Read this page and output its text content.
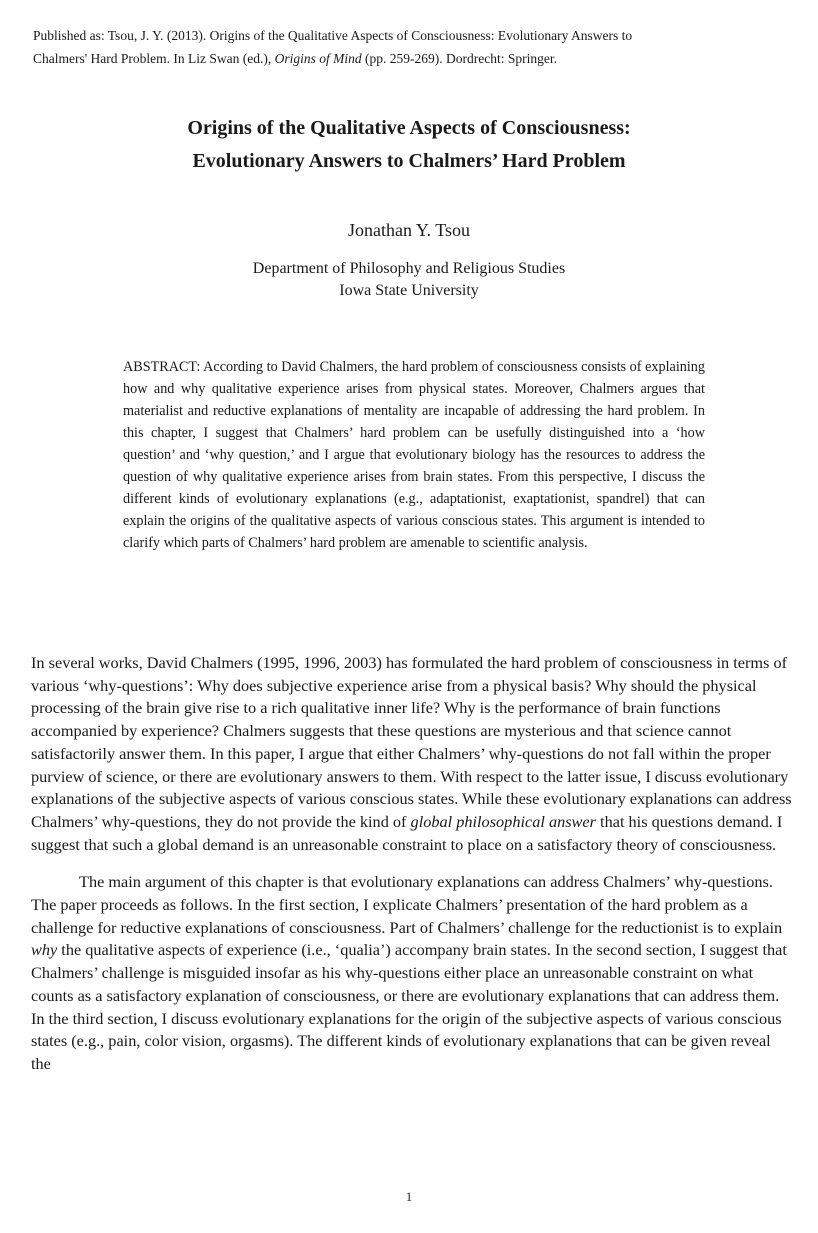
Published as: Tsou, J. Y. (2013). Origins of the Qualitative Aspects of Consciousness: Evolutionary Answers to
Chalmers' Hard Problem. In Liz Swan (ed.), Origins of Mind (pp. 259-269). Dordrecht: Springer.

Origins of the Qualitative Aspects of Consciousness:
Evolutionary Answers to Chalmers’ Hard Problem
Jonathan Y. Tsou
Department of Philosophy and Religious Studies
Iowa State University

ABSTRACT: According to David Chalmers, the hard problem of consciousness consists of explaining how and why qualitative experience arises from physical states. Moreover, Chalmers argues that materialist and reductive explanations of mentality are incapable of addressing the hard problem. In this chapter, I suggest that Chalmers’ hard problem can be usefully distinguished into a ‘how question’ and ‘why question,’ and I argue that evolutionary biology has the resources to address the question of why qualitative experience arises from brain states. From this perspective, I discuss the different kinds of evolutionary explanations (e.g., adaptationist, exaptationist, spandrel) that can explain the origins of the qualitative aspects of various conscious states. This argument is intended to clarify which parts of Chalmers’ hard problem are amenable to scientific analysis.

In several works, David Chalmers (1995, 1996, 2003) has formulated the hard problem of consciousness in terms of various ‘why-questions’: Why does subjective experience arise from a physical basis? Why should the physical processing of the brain give rise to a rich qualitative inner life? Why is the performance of brain functions accompanied by experience? Chalmers suggests that these questions are mysterious and that science cannot satisfactorily answer them. In this paper, I argue that either Chalmers’ why-questions do not fall within the proper purview of science, or there are evolutionary answers to them. With respect to the latter issue, I discuss evolutionary explanations of the subjective aspects of various conscious states. While these evolutionary explanations can address Chalmers’ why-questions, they do not provide the kind of global philosophical answer that his questions demand. I suggest that such a global demand is an unreasonable constraint to place on a satisfactory theory of consciousness.

The main argument of this chapter is that evolutionary explanations can address Chalmers’ why-questions. The paper proceeds as follows. In the first section, I explicate Chalmers’ presentation of the hard problem as a challenge for reductive explanations of consciousness. Part of Chalmers’ challenge for the reductionist is to explain why the qualitative aspects of experience (i.e., ‘qualia’) accompany brain states. In the second section, I suggest that Chalmers’ challenge is misguided insofar as his why-questions either place an unreasonable constraint on what counts as a satisfactory explanation of consciousness, or there are evolutionary explanations that can address them. In the third section, I discuss evolutionary explanations for the origin of the subjective aspects of various conscious states (e.g., pain, color vision, orgasms). The different kinds of evolutionary explanations that can be given reveal the

1
